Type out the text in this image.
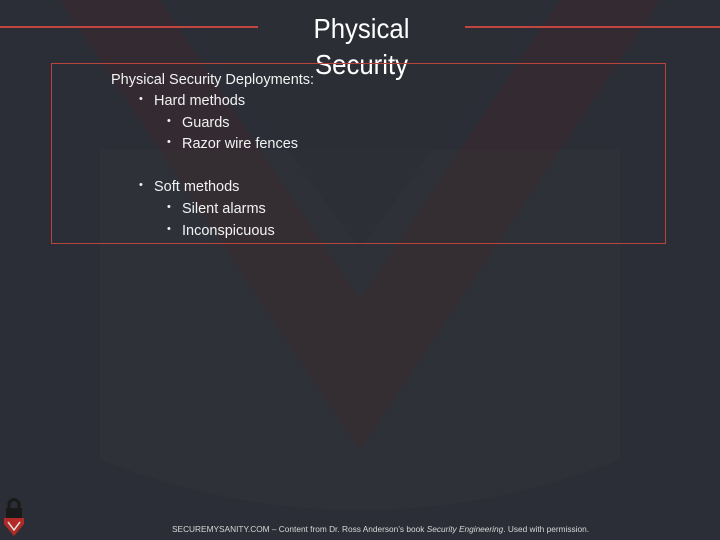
Physical Security
Physical Security Deployments:
• Hard methods
• Guards
• Razor wire fences
• Soft methods
• Silent alarms
• Inconspicuous
SECUREMYSANITY.COM – Content from Dr. Ross Anderson’s book Security Engineering. Used with permission.
